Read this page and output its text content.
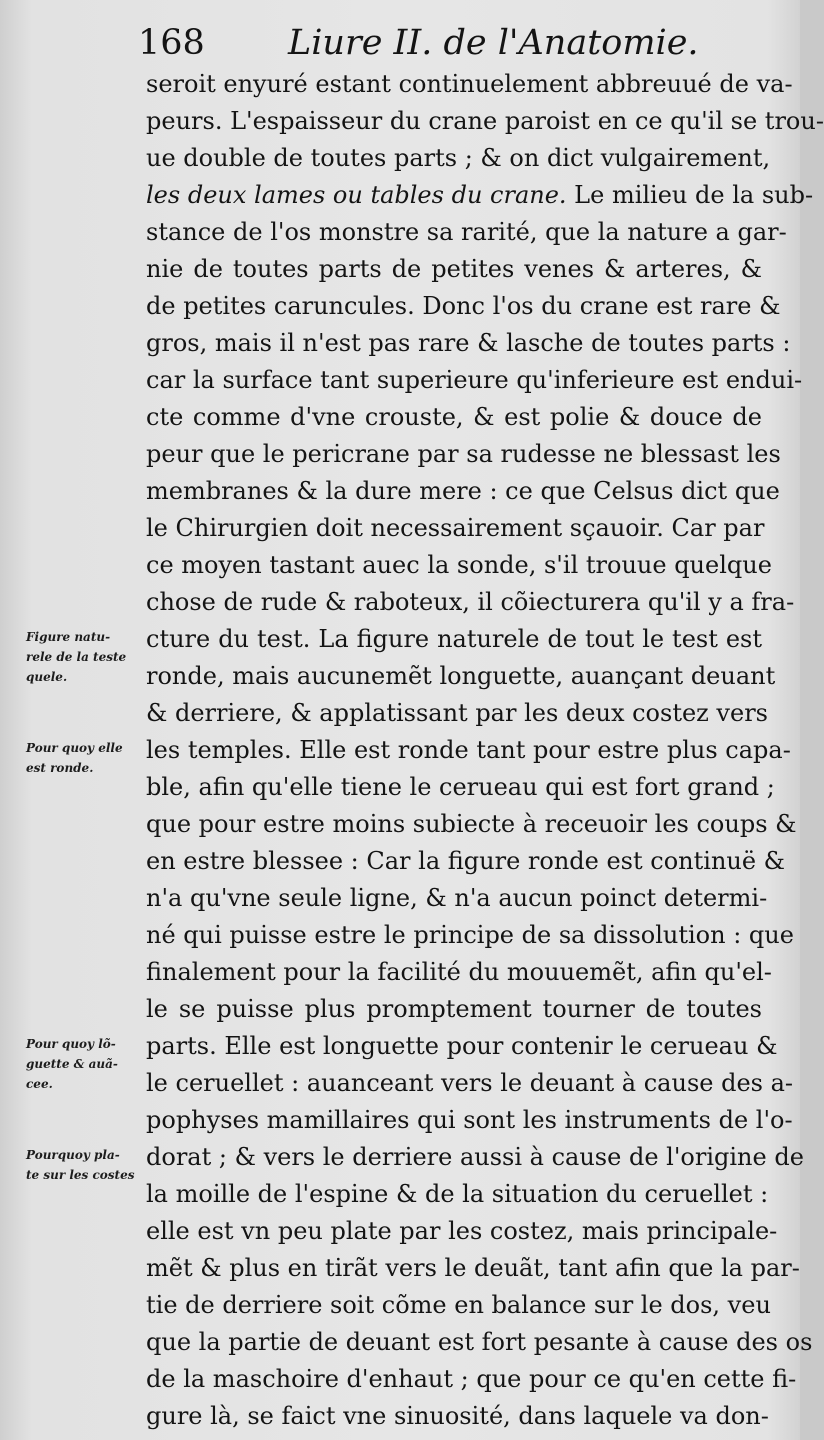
168 Liure II. de l'Anatomie.
seroit enyuré estant continuelement abbreuué de va-
peurs. L'espaisseur du crane paroist en ce qu'il se trou-
ue double de toutes parts ; & on dict vulgairement,
les deux lames ou tables du crane. Le milieu de la sub-
stance de l'os monstre sa rarité, que la nature a gar-
nie de toutes parts de petites venes & arteres, &
de petites caruncules. Donc l'os du crane est rare &
gros, mais il n'est pas rare & lasche de toutes parts :
car la surface tant superieure qu'inferieure est endui-
cte comme d'vne crouste, & est polie & douce de
peur que le pericrane par sa rudesse ne blessast les
membranes & la dure mere : ce que Celsus dict que
le Chirurgien doit necessairement sçauoir. Car par
ce moyen tastant auec la sonde, s'il trouue quelque
chose de rude & raboteux, il cõiecturera qu'il y a fra-
cture du test. La figure naturele de tout le test est
ronde, mais aucunemẽt longuette, auançant deuant
& derriere, & applatissant par les deux costez vers
les temples. Elle est ronde tant pour estre plus capa-
ble, afin qu'elle tiene le cerueau qui est fort grand ;
que pour estre moins subiecte à receuoir les coups &
en estre blessee : Car la figure ronde est continuë &
n'a qu'vne seule ligne, & n'a aucun poinct determi-
né qui puisse estre le principe de sa dissolution : que
finalement pour la facilité du mouuemẽt, afin qu'el-
le se puisse plus promptement tourner de toutes
parts. Elle est longuette pour contenir le cerueau &
le ceruellet : auanceant vers le deuant à cause des a-
pophyses mamillaires qui sont les instruments de l'o-
dorat ; & vers le derriere aussi à cause de l'origine de
la moille de l'espine & de la situation du ceruellet :
elle est vn peu plate par les costez, mais principale-
mẽt & plus en tirãt vers le deuãt, tant afin que la par-
tie de derriere soit cõme en balance sur le dos, veu
que la partie de deuant est fort pesante à cause des os
de la maschoire d'enhaut ; que pour ce qu'en cette fi-
gure là, se faict vne sinuosité, dans laquele va don-
Figure natu-
rele de la teste
quele.
Pour quoy elle
est ronde.
Pour quoy lõ-
guette & auã-
cee.
Pourquoy pla-
te sur les costes
